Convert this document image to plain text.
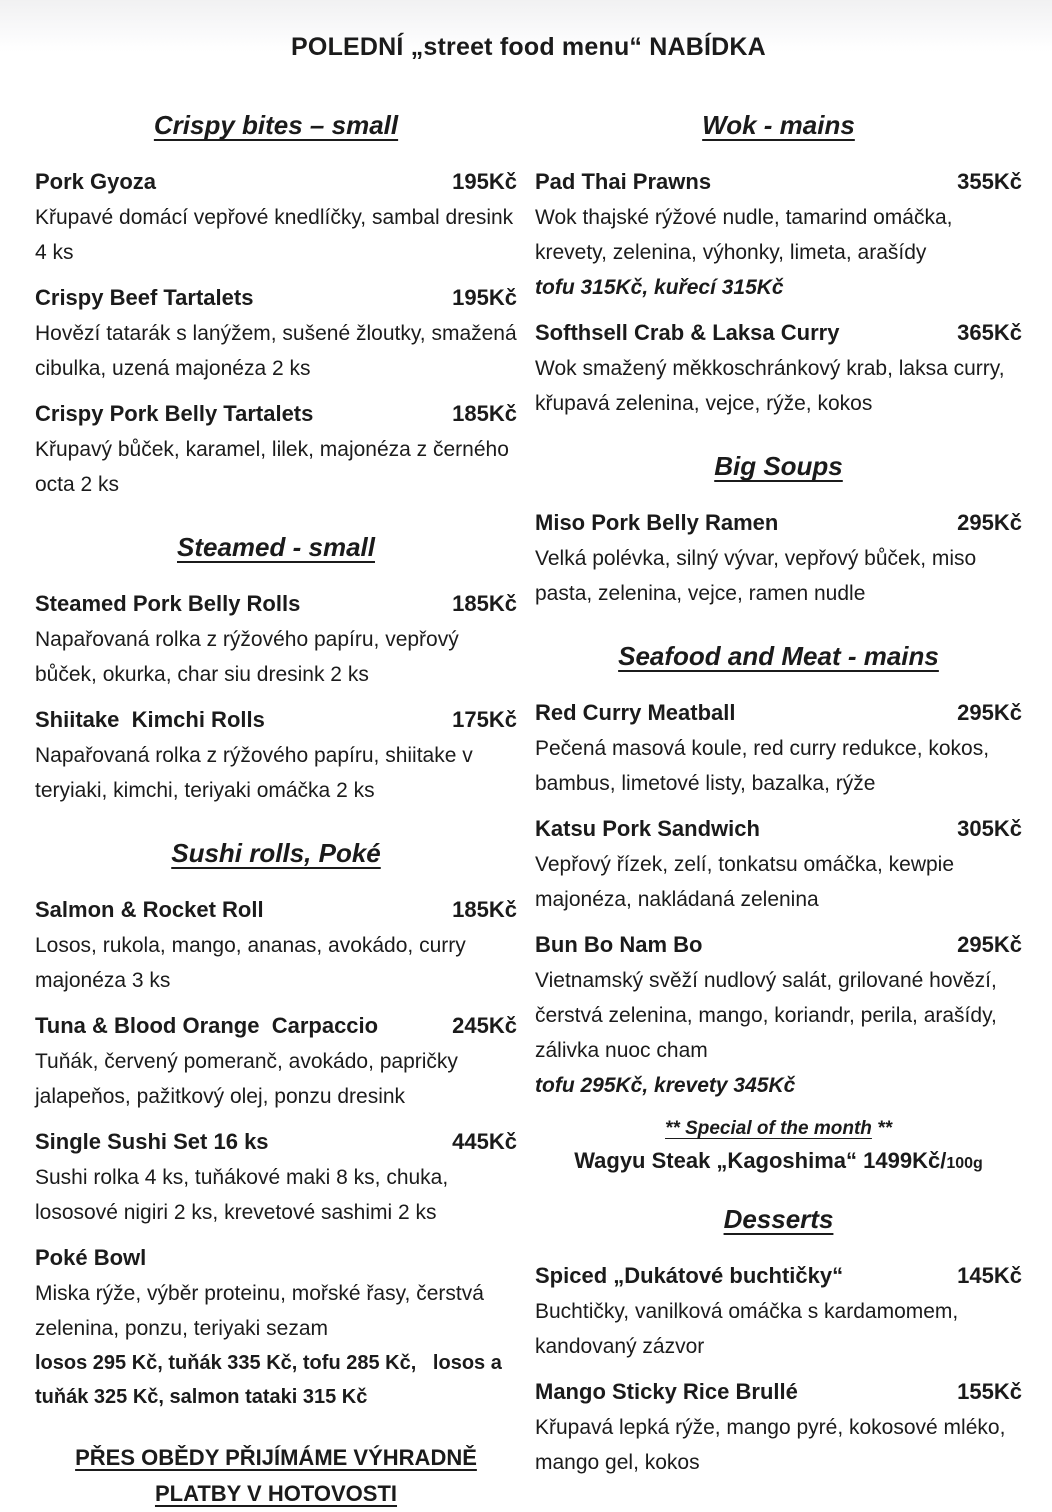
POLEDNÍ „street food menu“ NABÍDKA
Crispy bites – small
Pork Gyoza	195Kč
Křupavé domácí vepřové knedlíčky, sambal dresink 4 ks
Crispy Beef Tartalets	195Kč
Hovězí tatarák s lanýžem, sušené žloutky, smažená cibulka, uzená majonéza 2 ks
Crispy Pork Belly Tartalets	185Kč
Křupavý bůček, karamel, lilek, majonéza z černého octa 2 ks
Steamed - small
Steamed Pork Belly Rolls	185Kč
Napařovaná rolka z rýžového papíru, vepřový bůček, okurka, char siu dresink 2 ks
Shiitake  Kimchi Rolls	175Kč
Napařovaná rolka z rýžového papíru, shiitake v teryiaki, kimchi, teriyaki omáčka 2 ks
Sushi rolls, Poké
Salmon & Rocket Roll	185Kč
Losos, rukola, mango, ananas, avokádo, curry majonéza 3 ks
Tuna & Blood Orange  Carpaccio	245Kč
Tuňák, červený pomeranč, avokádo, papričky jalapeňos, pažitkový olej, ponzu dresink
Single Sushi Set 16 ks	445Kč
Sushi rolka 4 ks, tuňákové maki 8 ks, chuka, lososové nigiri 2 ks, krevetové sashimi 2 ks
Poké Bowl
Miska rýže, výběr proteinu, mořské řasy, čerstvá zelenina, ponzu, teriyaki sezam
losos 295 Kč, tuňák 335 Kč, tofu 285 Kč,   losos a tuňák 325 Kč, salmon tataki 315 Kč
PŘES OBĚDY PŘIJÍMÁME VÝHRADNĚ PLATBY V HOTOVOSTI
Wok - mains
Pad Thai Prawns	355Kč
Wok thajské rýžové nudle, tamarind omáčka, krevety, zelenina, výhonky, limeta, arašídy
tofu 315Kč, kuřecí 315Kč
Softhsell Crab & Laksa Curry	365Kč
Wok smažený měkkoschránkový krab, laksa curry, křupavá zelenina, vejce, rýže, kokos
Big Soups
Miso Pork Belly Ramen	295Kč
Velká polévka, silný vývar, vepřový bůček, miso pasta, zelenina, vejce, ramen nudle
Seafood and Meat - mains
Red Curry Meatball	295Kč
Pečená masová koule, red curry redukce, kokos, bambus, limetové listy, bazalka, rýže
Katsu Pork Sandwich	305Kč
Vepřový řízek, zelí, tonkatsu omáčka, kewpie majonéza, nakládaná zelenina
Bun Bo Nam Bo	295Kč
Vietnamský svěží nudlový salát, grilované hovězí, čerstvá zelenina, mango, koriandr, perila, arašídy, zálivka nuoc cham
tofu 295Kč, krevety 345Kč
** Special of the month **
Wagyu Steak „Kagoshima“ 1499Kč/100g
Desserts
Spiced „Dukátové buchtičky“	145Kč
Buchtičky, vanilková omáčka s kardamomem, kandovaný zázvor
Mango Sticky Rice Brullé	155Kč
Křupavá lepká rýže, mango pyré, kokosové mléko, mango gel, kokos
